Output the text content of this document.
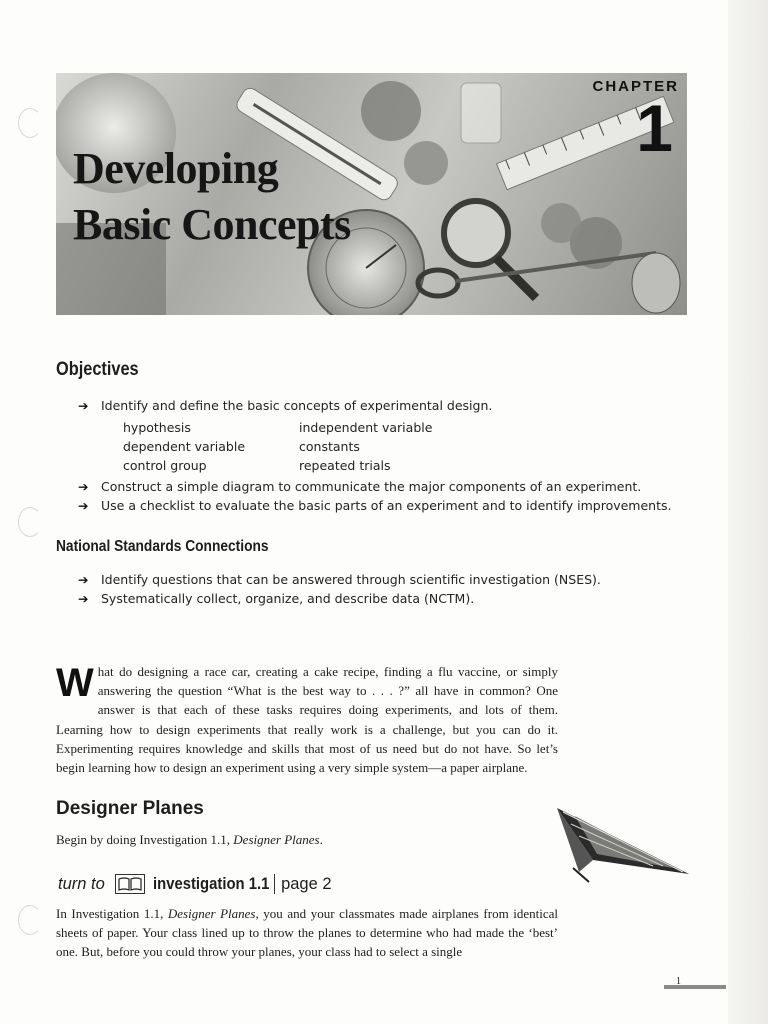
CHAPTER
1
Developing
Basic Concepts
Objectives
➔ Identify and define the basic concepts of experimental design.
hypothesis	independent variable
dependent variable	constants
control group	repeated trials
➔ Construct a simple diagram to communicate the major components of an experiment.
➔ Use a checklist to evaluate the basic parts of an experiment and to identify improvements.
National Standards Connections
➔ Identify questions that can be answered through scientific investigation (NSES).
➔ Systematically collect, organize, and describe data (NCTM).
What do designing a race car, creating a cake recipe, finding a flu vaccine, or simply answering the question “What is the best way to . . . ?” all have in common? One answer is that each of these tasks requires doing experiments, and lots of them. Learning how to design experiments that really work is a challenge, but you can do it. Experimenting requires knowledge and skills that most of us need but do not have. So let’s begin learning how to design an experiment using a very simple system—a paper airplane.
Designer Planes
Begin by doing Investigation 1.1, Designer Planes.
turn to	investigation 1.1 page 2
In Investigation 1.1, Designer Planes, you and your classmates made airplanes from identical sheets of paper. Your class lined up to throw the planes to determine who had made the ‘best’ one. But, before you could throw your planes, your class had to select a single
1
